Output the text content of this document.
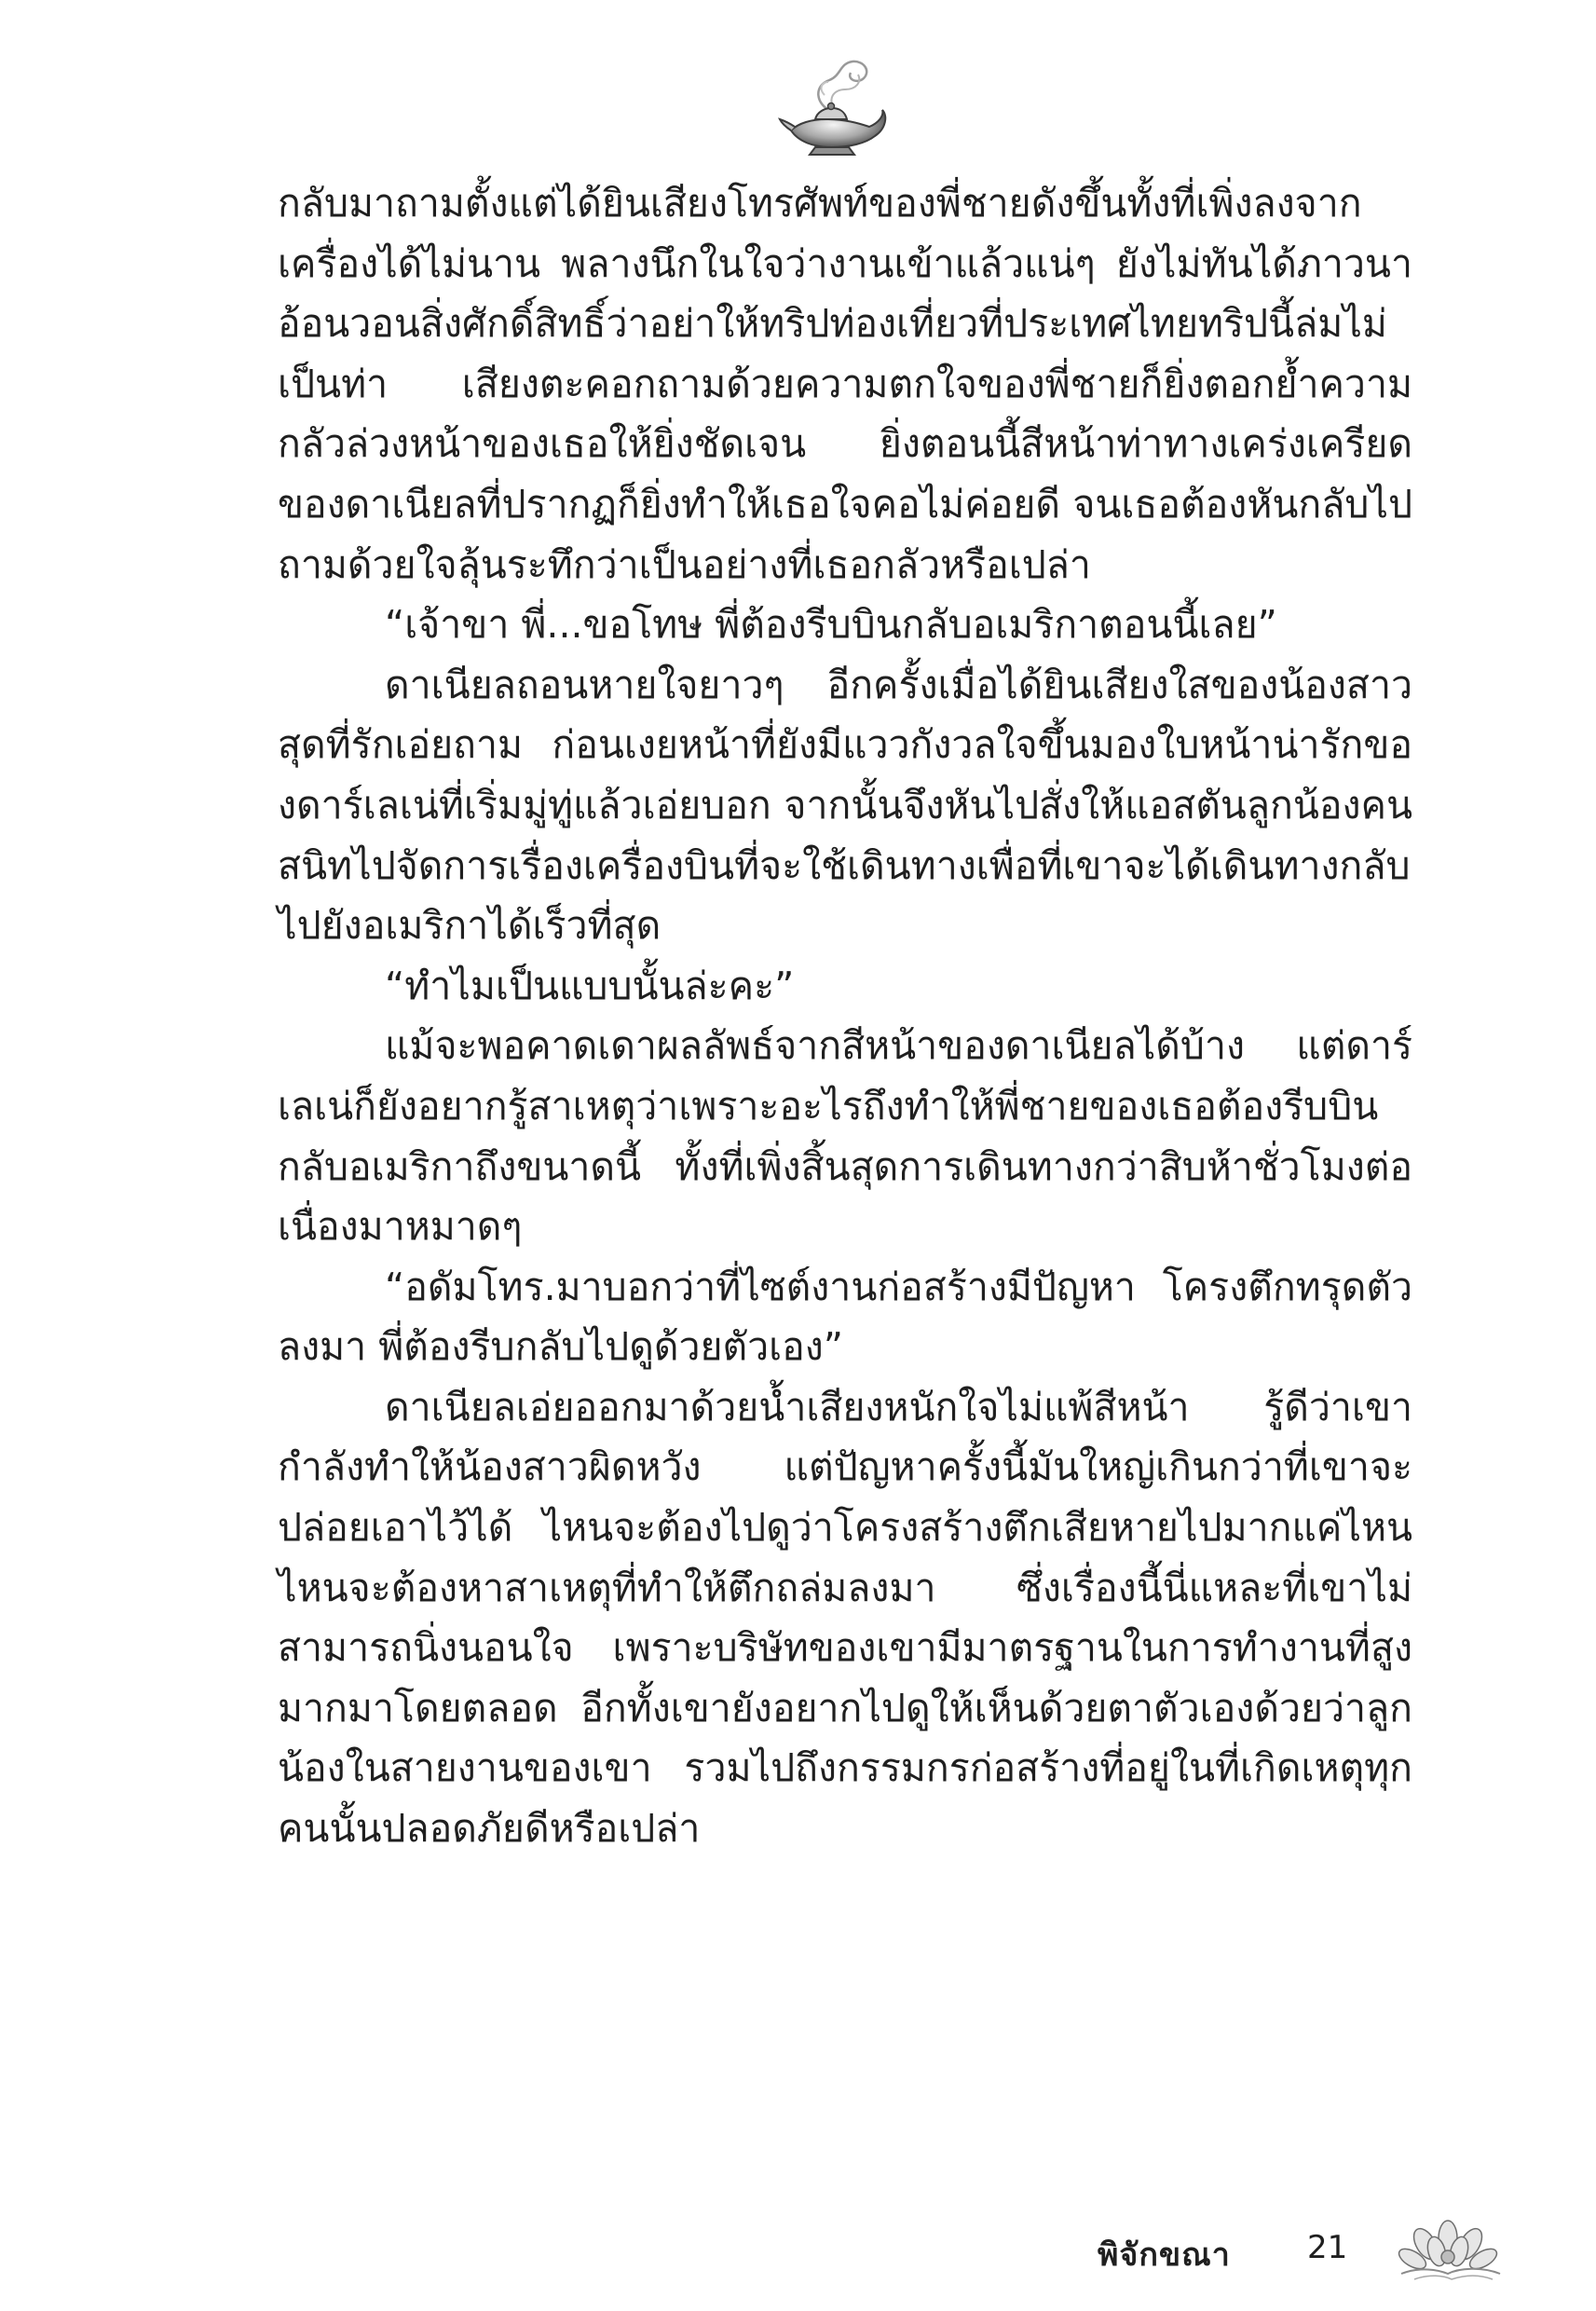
กลับมาถามตั้งแต่ได้ยินเสียงโทรศัพท์ของพี่ชายดังขึ้นทั้งที่เพิ่งลงจากเครื่องได้ไม่นาน พลางนึกในใจว่างานเข้าแล้วแน่ๆ ยังไม่ทันได้ภาวนาอ้อนวอนสิ่งศักดิ์สิทธิ์ว่าอย่าให้ทริปท่องเที่ยวที่ประเทศไทยทริปนี้ล่มไม่เป็นท่า เสียงตะคอกถามด้วยความตกใจของพี่ชายก็ยิ่งตอกย้ำความกลัวล่วงหน้าของเธอให้ยิ่งชัดเจน ยิ่งตอนนี้สีหน้าท่าทางเคร่งเครียดของดาเนียลที่ปรากฏก็ยิ่งทำให้เธอใจคอไม่ค่อยดี จนเธอต้องหันกลับไปถามด้วยใจลุ้นระทึกว่าเป็นอย่างที่เธอกลัวหรือเปล่า

“เจ้าขา พี่...ขอโทษ พี่ต้องรีบบินกลับอเมริกาตอนนี้เลย”

ดาเนียลถอนหายใจยาวๆ อีกครั้งเมื่อได้ยินเสียงใสของน้องสาวสุดที่รักเอ่ยถาม ก่อนเงยหน้าที่ยังมีแววกังวลใจขึ้นมองใบหน้าน่ารักของดาร์เลเน่ที่เริ่มมู่ทู่แล้วเอ่ยบอก จากนั้นจึงหันไปสั่งให้แอสตันลูกน้องคนสนิทไปจัดการเรื่องเครื่องบินที่จะใช้เดินทางเพื่อที่เขาจะได้เดินทางกลับไปยังอเมริกาได้เร็วที่สุด

“ทำไมเป็นแบบนั้นล่ะคะ”

แม้จะพอคาดเดาผลลัพธ์จากสีหน้าของดาเนียลได้บ้าง แต่ดาร์เลเน่ก็ยังอยากรู้สาเหตุว่าเพราะอะไรถึงทำให้พี่ชายของเธอต้องรีบบินกลับอเมริกาถึงขนาดนี้ ทั้งที่เพิ่งสิ้นสุดการเดินทางกว่าสิบห้าชั่วโมงต่อเนื่องมาหมาดๆ

“อดัมโทร.มาบอกว่าที่ไซต์งานก่อสร้างมีปัญหา โครงตึกทรุดตัวลงมา พี่ต้องรีบกลับไปดูด้วยตัวเอง”

ดาเนียลเอ่ยออกมาด้วยน้ำเสียงหนักใจไม่แพ้สีหน้า รู้ดีว่าเขากำลังทำให้น้องสาวผิดหวัง แต่ปัญหาครั้งนี้มันใหญ่เกินกว่าที่เขาจะปล่อยเอาไว้ได้ ไหนจะต้องไปดูว่าโครงสร้างตึกเสียหายไปมากแค่ไหน ไหนจะต้องหาสาเหตุที่ทำให้ตึกถล่มลงมา ซึ่งเรื่องนี้นี่แหละที่เขาไม่สามารถนิ่งนอนใจ เพราะบริษัทของเขามีมาตรฐานในการทำงานที่สูงมากมาโดยตลอด อีกทั้งเขายังอยากไปดูให้เห็นด้วยตาตัวเองด้วยว่าลูกน้องในสายงานของเขา รวมไปถึงกรรมกรก่อสร้างที่อยู่ในที่เกิดเหตุทุกคนนั้นปลอดภัยดีหรือเปล่า

พิจักขณา 21
